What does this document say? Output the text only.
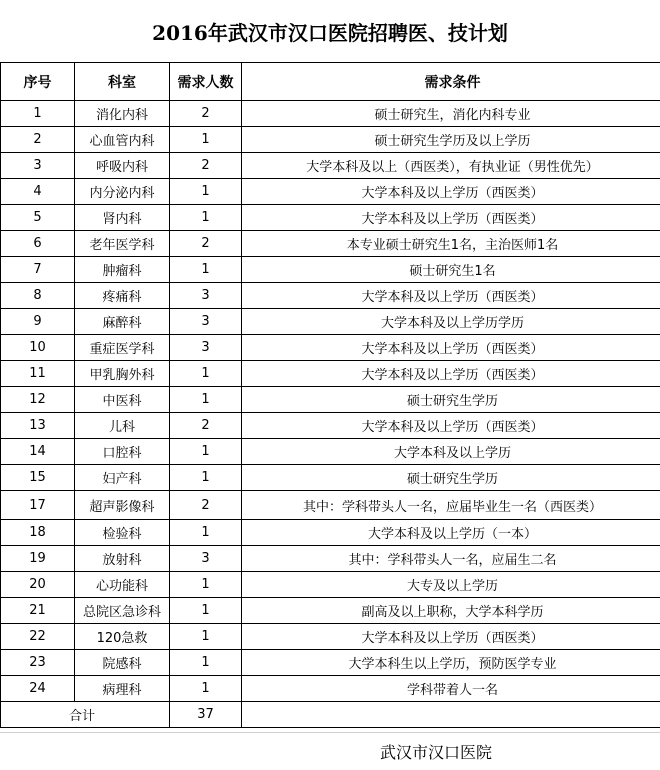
2016年武汉市汉口医院招聘医、技计划
序号	科室	需求人数	需求条件
1	消化内科	2	硕士研究生，消化内科专业
2	心血管内科	1	硕士研究生学历及以上学历
3	呼吸内科	2	大学本科及以上（西医类），有执业证（男性优先）
4	内分泌内科	1	大学本科及以上学历（西医类）
5	肾内科	1	大学本科及以上学历（西医类）
6	老年医学科	2	本专业硕士研究生1名，主治医师1名
7	肿瘤科	1	硕士研究生1名
8	疼痛科	3	大学本科及以上学历（西医类）
9	麻醉科	3	大学本科及以上学历学历
10	重症医学科	3	大学本科及以上学历（西医类）
11	甲乳胸外科	1	大学本科及以上学历（西医类）
12	中医科	1	硕士研究生学历
13	儿科	2	大学本科及以上学历（西医类）
14	口腔科	1	大学本科及以上学历
15	妇产科	1	硕士研究生学历
17	超声影像科	2	其中：学科带头人一名，应届毕业生一名（西医类）
18	检验科	1	大学本科及以上学历（一本）
19	放射科	3	其中：学科带头人一名，应届生二名
20	心功能科	1	大专及以上学历
21	总院区急诊科	1	副高及以上职称，大学本科学历
22	120急救	1	大学本科及以上学历（西医类）
23	院感科	1	大学本科生以上学历，预防医学专业
24	病理科	1	学科带着人一名
合计		37	
武汉市汉口医院
